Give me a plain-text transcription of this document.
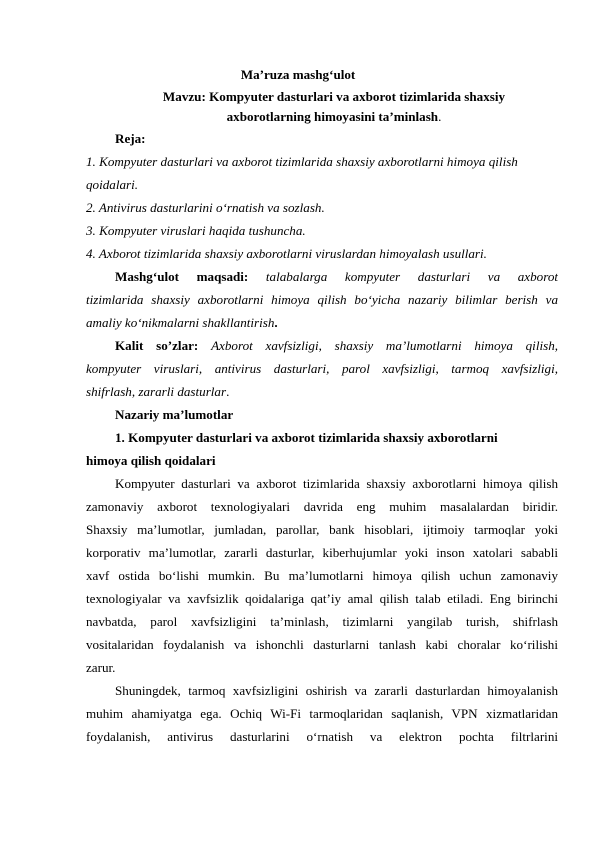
Ma’ruza mashg‘ulot
Mavzu: Kompyuter dasturlari va axborot tizimlarida shaxsiy
axborotlarning himoyasini ta’minlash.
Reja:
1. Kompyuter dasturlari va axborot tizimlarida shaxsiy axborotlarni himoya qilish
qoidalari.
2. Antivirus dasturlarini o‘rnatish va sozlash.
3. Kompyuter viruslari haqida tushuncha.
4. Axborot tizimlarida shaxsiy axborotlarni viruslardan himoyalash usullari.
Mashg‘ulot maqsadi: talabalarga kompyuter dasturlari va axborot
tizimlarida shaxsiy axborotlarni himoya qilish bo‘yicha nazariy bilimlar berish va
amaliy ko‘nikmalarni shakllantirish.
Kalit so’zlar: Axborot xavfsizligi, shaxsiy ma’lumotlarni himoya qilish,
kompyuter viruslari, antivirus dasturlari, parol xavfsizligi, tarmoq xavfsizligi,
shifrlash, zararli dasturlar.
Nazariy ma’lumotlar
1. Kompyuter dasturlari va axborot tizimlarida shaxsiy axborotlarni
himoya qilish qoidalari
Kompyuter dasturlari va axborot tizimlarida shaxsiy axborotlarni himoya qilish
zamonaviy axborot texnologiyalari davrida eng muhim masalalardan biridir.
Shaxsiy ma’lumotlar, jumladan, parollar, bank hisoblari, ijtimoiy tarmoqlar yoki
korporativ ma’lumotlar, zararli dasturlar, kiberhujumlar yoki inson xatolari sababli
xavf ostida bo‘lishi mumkin. Bu ma’lumotlarni himoya qilish uchun zamonaviy
texnologiyalar va xavfsizlik qoidalariga qat’iy amal qilish talab etiladi. Eng birinchi
navbatda, parol xavfsizligini ta’minlash, tizimlarni yangilab turish, shifrlash
vositalaridan foydalanish va ishonchli dasturlarni tanlash kabi choralar ko‘rilishi
zarur.
Shuningdek, tarmoq xavfsizligini oshirish va zararli dasturlardan himoyalanish
muhim ahamiyatga ega. Ochiq Wi-Fi tarmoqlaridan saqlanish, VPN xizmatlaridan
foydalanish, antivirus dasturlarini o‘rnatish va elektron pochta filtrlarini
